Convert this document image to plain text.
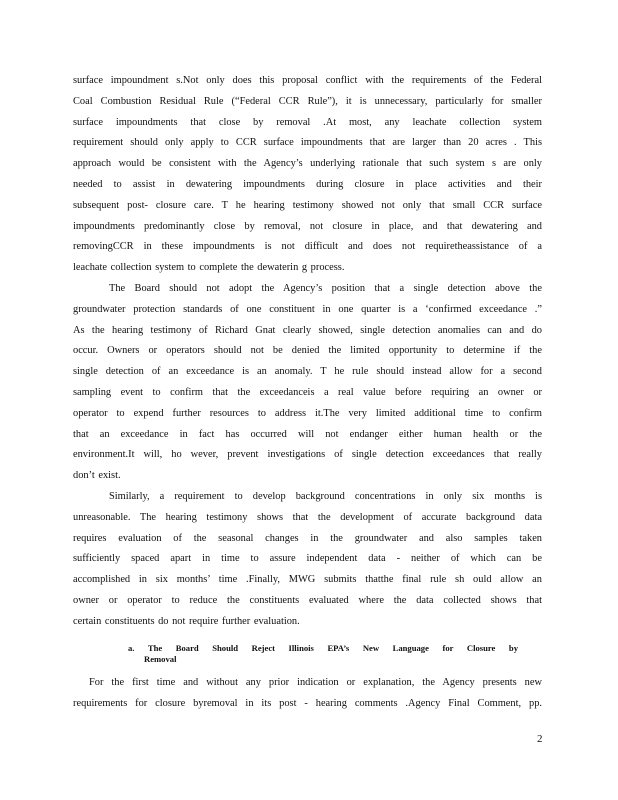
surface impoundment s.Not only does this proposal conflict with the requirements of the Federal
Coal Combustion Residual Rule (“Federal CCR Rule”), it is unnecessary, particularly for smaller
surface impoundments that close by removal .At most, any leachate collection system
requirement should only apply to CCR surface impoundments that are larger than 20 acres . This
approach would be consistent with the Agency’s underlying rationale that such system s are only
needed to assist in dewatering impoundments during closure in place activities and their
subsequent post- closure care. T he hearing testimony showed not only that small CCR surface
impoundments predominantly close by removal, not closure in place, and that dewatering and
removingCCR in these impoundments is not difficult and does not requiretheassistance of a
leachate collection system to complete the dewaterin g process.
The Board should not adopt the Agency’s position that a single detection above the
groundwater protection standards of one constituent in one quarter is a ‘confirmed exceedance .”
As the hearing testimony of Richard Gnat clearly showed, single detection anomalies can and do
occur. Owners or operators should not be denied the limited opportunity to determine if the
single detection of an exceedance is an anomaly. T he rule should instead allow for a second
sampling event to confirm that the exceedanceis a real value before requiring an owner or
operator to expend further resources to address it.The very limited additional time to confirm
that an exceedance in fact has occurred will not endanger either human health or the
environment.It will, ho wever, prevent investigations of single detection exceedances that really
don’t exist.
Similarly, a requirement to develop background concentrations in only six months is
unreasonable. The hearing testimony shows that the development of accurate background data
requires evaluation of the seasonal changes in the groundwater and also samples taken
sufficiently spaced apart in time to assure independent data - neither of which can be
accomplished in six months’ time .Finally, MWG submits thatthe final rule sh ould allow an
owner or operator to reduce the constituents evaluated where the data collected shows that
certain constituents do not require further evaluation.
a. The Board Should Reject Illinois EPA’s New Language for Closure by
Removal
For the first time and without any prior indication or explanation, the Agency presents new
requirements for closure byremoval in its post - hearing comments .Agency Final Comment, pp.
2
